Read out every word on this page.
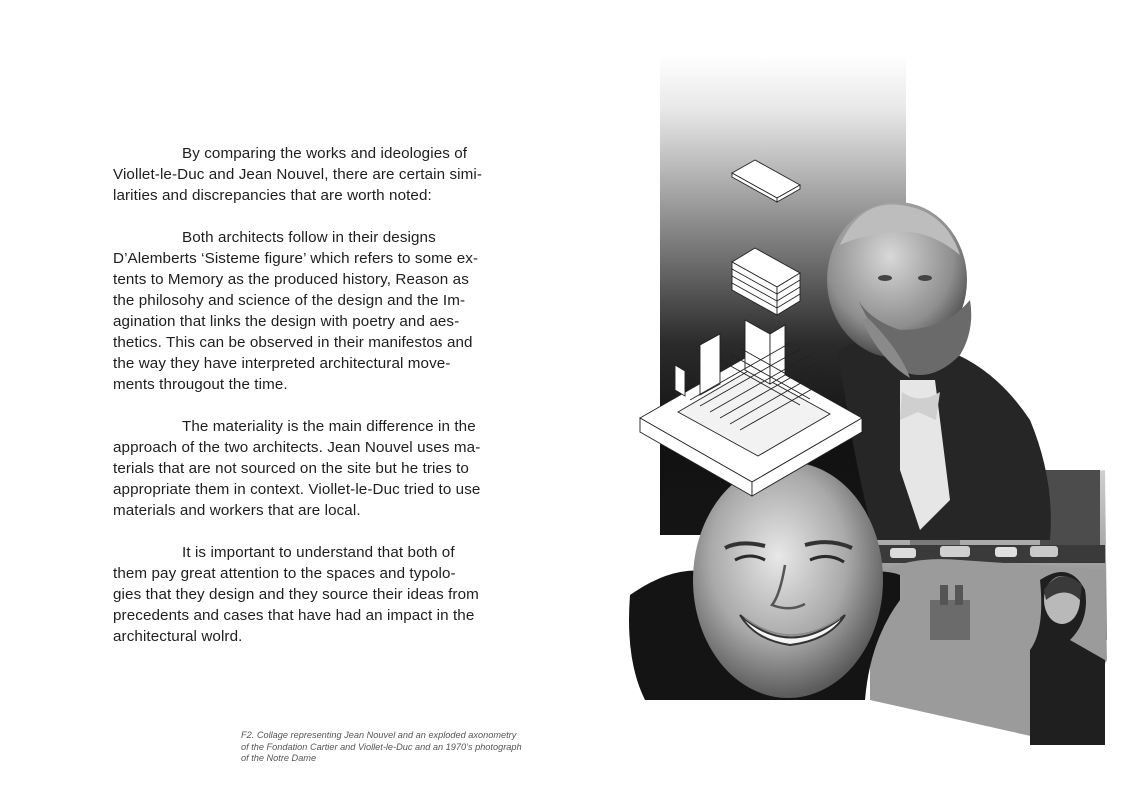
By comparing the works and ideologies of
Viollet-le-Duc and Jean Nouvel, there are certain simi-
larities and discrepancies that are worth noted:

Both architects follow in their designs
D’Alemberts ‘Sisteme figure’ which refers to some ex-
tents to Memory as the produced history, Reason as
the philosohy and science of the design and the Im-
agination that links the design with poetry and aes-
thetics. This can be observed in their manifestos and
the way they have interpreted architectural move-
ments througout the time.

The materiality is the main difference in the
approach of the two architects. Jean Nouvel uses ma-
terials that are not sourced on the site but he tries to
appropriate them in context. Viollet-le-Duc tried to use
materials and workers that are local.

It is important to understand that both of
them pay great attention to the spaces and typolo-
gies that they design and they source their ideas from
precedents and cases that have had an impact in the
architectural wolrd.

F2. Collage representing Jean Nouvel and an exploded axonometry
of the Fondation Cartier and Viollet-le-Duc and an 1970’s photograph
of the Notre Dame
